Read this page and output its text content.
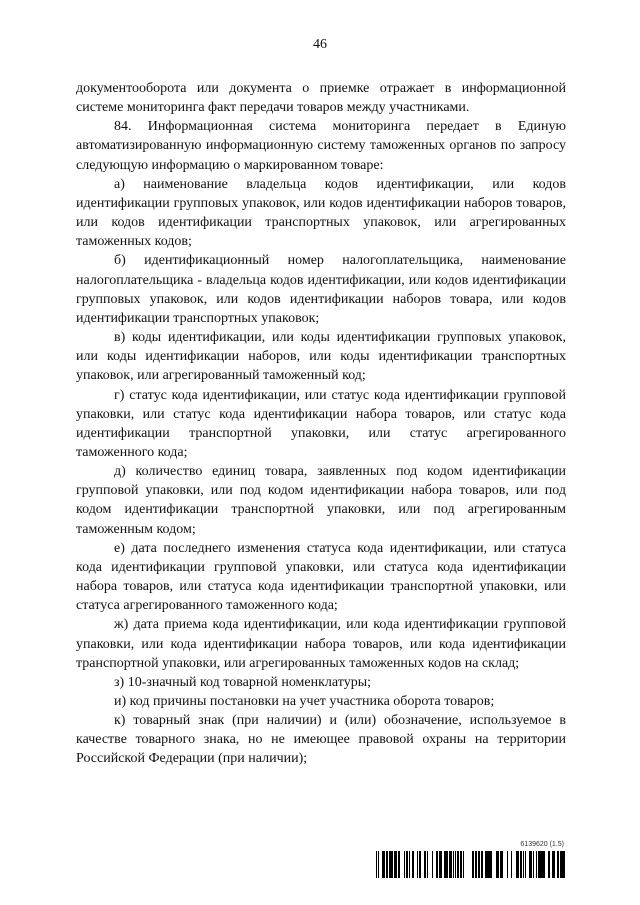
46

документооборота или документа о приемке отражает в информационной системе мониторинга факт передачи товаров между участниками.

84. Информационная система мониторинга передает в Единую автоматизированную информационную систему таможенных органов по запросу следующую информацию о маркированном товаре:

а) наименование владельца кодов идентификации, или кодов идентификации групповых упаковок, или кодов идентификации наборов товаров, или кодов идентификации транспортных упаковок, или агрегированных таможенных кодов;

б) идентификационный номер налогоплательщика, наименование налогоплательщика - владельца кодов идентификации, или кодов идентификации групповых упаковок, или кодов идентификации наборов товара, или кодов идентификации транспортных упаковок;

в) коды идентификации, или коды идентификации групповых упаковок, или коды идентификации наборов, или коды идентификации транспортных упаковок, или агрегированный таможенный код;

г) статус кода идентификации, или статус кода идентификации групповой упаковки, или статус кода идентификации набора товаров, или статус кода идентификации транспортной упаковки, или статус агрегированного таможенного кода;

д) количество единиц товара, заявленных под кодом идентификации групповой упаковки, или под кодом идентификации набора товаров, или под кодом идентификации транспортной упаковки, или под агрегированным таможенным кодом;

е) дата последнего изменения статуса кода идентификации, или статуса кода идентификации групповой упаковки, или статуса кода идентификации набора товаров, или статуса кода идентификации транспортной упаковки, или статуса агрегированного таможенного кода;

ж) дата приема кода идентификации, или кода идентификации групповой упаковки, или кода идентификации набора товаров, или кода идентификации транспортной упаковки, или агрегированных таможенных кодов на склад;

з) 10-значный код товарной номенклатуры;

и) код причины постановки на учет участника оборота товаров;

к) товарный знак (при наличии) и (или) обозначение, используемое в качестве товарного знака, но не имеющее правовой охраны на территории Российской Федерации (при наличии);

6139620 (1.5)
